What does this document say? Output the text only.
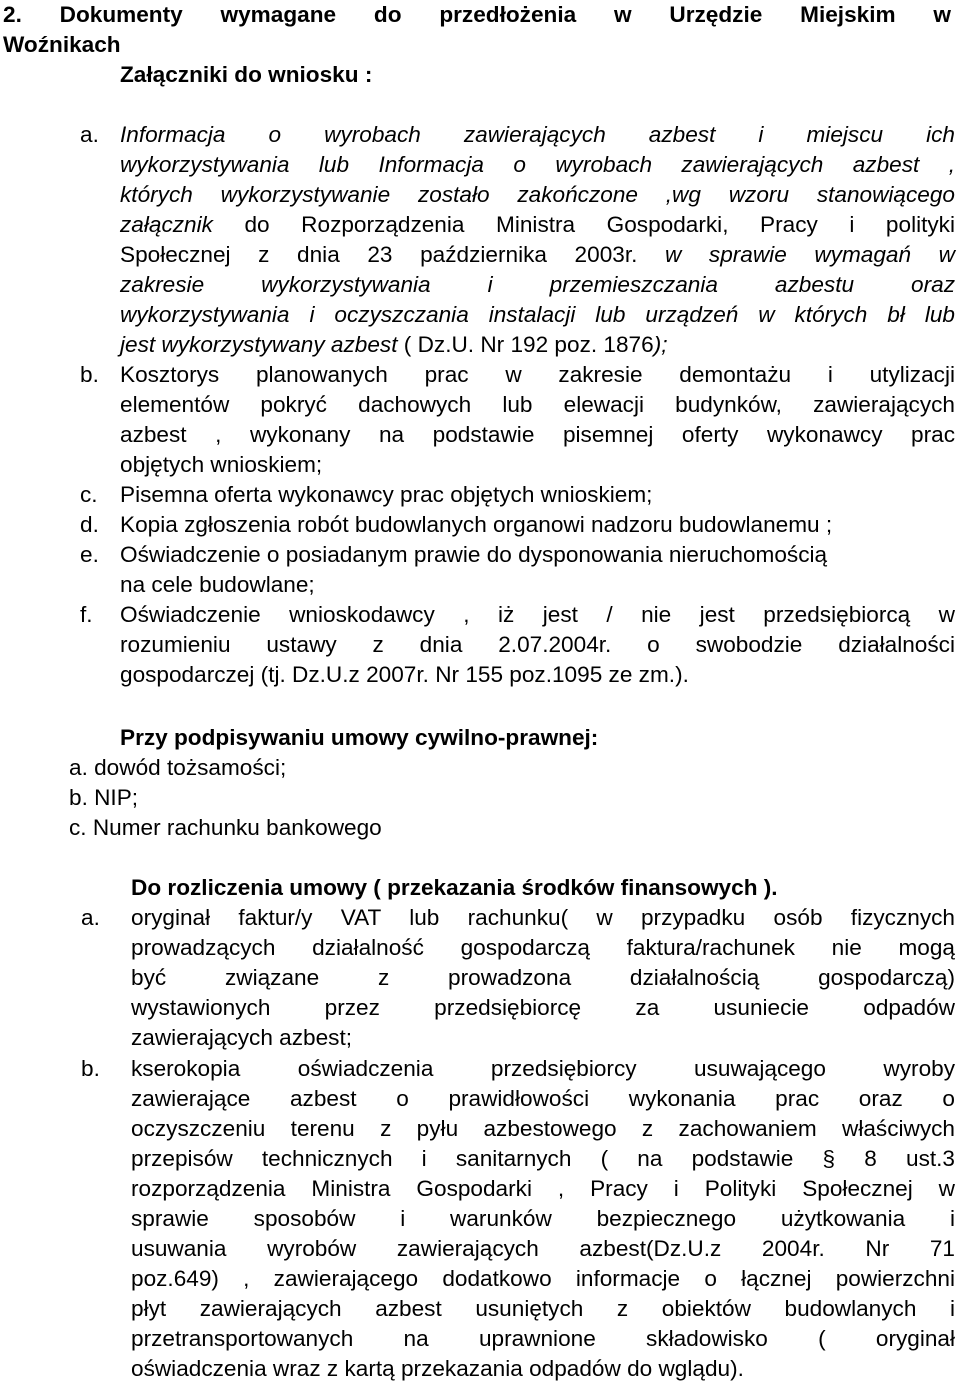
2. Dokumenty wymagane do przedłożenia w Urzędzie Miejskim w
Woźnikach
Załączniki do wniosku :
a. Informacja o wyrobach zawierających azbest i miejscu ich
wykorzystywania lub Informacja o wyrobach zawierających azbest ,
których wykorzystywanie zostało zakończone ,wg wzoru stanowiącego
załącznik do Rozporządzenia Ministra Gospodarki, Pracy i polityki
Społecznej z dnia 23 października 2003r. w sprawie wymagań w
zakresie wykorzystywania i przemieszczania azbestu oraz
wykorzystywania i oczyszczania instalacji lub urządzeń w których bł lub
jest wykorzystywany azbest ( Dz.U. Nr 192 poz. 1876);
b. Kosztorys planowanych prac w zakresie demontażu i utylizacji
elementów pokryć dachowych lub elewacji budynków, zawierających
azbest , wykonany na podstawie pisemnej oferty wykonawcy prac
objętych wnioskiem;
c. Pisemna oferta wykonawcy prac objętych wnioskiem;
d. Kopia zgłoszenia robót budowlanych organowi nadzoru budowlanemu ;
e. Oświadczenie o posiadanym prawie do dysponowania nieruchomością
na cele budowlane;
f. Oświadczenie wnioskodawcy , iż jest / nie jest przedsiębiorcą w
rozumieniu ustawy z dnia 2.07.2004r. o swobodzie działalności
gospodarczej (tj. Dz.U.z 2007r. Nr 155 poz.1095 ze zm.).
Przy podpisywaniu umowy cywilno-prawnej:
a. dowód tożsamości;
b. NIP;
c. Numer rachunku bankowego
Do rozliczenia umowy ( przekazania środków finansowych ).
a. oryginał faktur/y VAT lub rachunku( w przypadku osób fizycznych
prowadzących działalność gospodarczą faktura/rachunek nie mogą
być związane z prowadzona działalnością gospodarczą)
wystawionych przez przedsiębiorcę za usuniecie odpadów
zawierających azbest;
b. kserokopia oświadczenia przedsiębiorcy usuwającego wyroby
zawierające azbest o prawidłowości wykonania prac oraz o
oczyszczeniu terenu z pyłu azbestowego z zachowaniem właściwych
przepisów technicznych i sanitarnych ( na podstawie § 8 ust.3
rozporządzenia Ministra Gospodarki , Pracy i Polityki Społecznej w
sprawie sposobów i warunków bezpiecznego użytkowania i
usuwania wyrobów zawierających azbest(Dz.U.z 2004r. Nr 71
poz.649) , zawierającego dodatkowo informacje o łącznej powierzchni
płyt zawierających azbest usuniętych z obiektów budowlanych i
przetransportowanych na uprawnione składowisko ( oryginał
oświadczenia wraz z kartą przekazania odpadów do wglądu).
